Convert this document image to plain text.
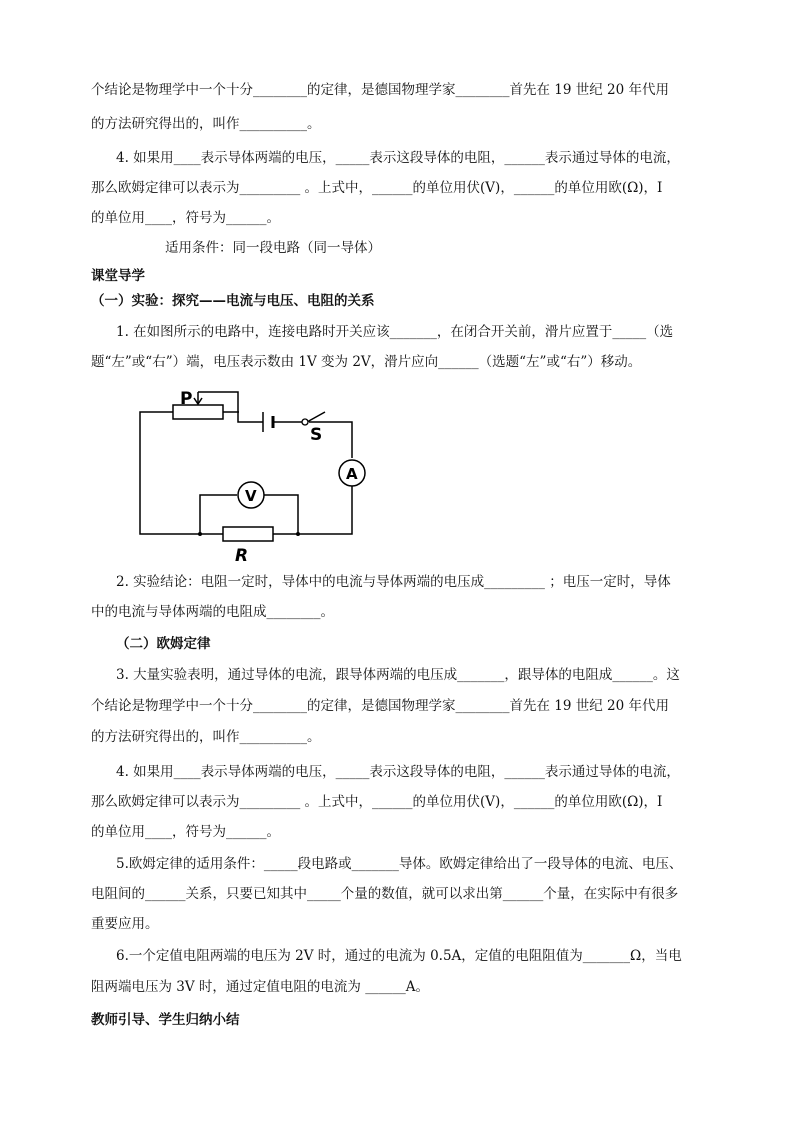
个结论是物理学中一个十分________的定律，是德国物理学家________首先在 19 世纪 20 年代用
的方法研究得出的，叫作__________。
4. 如果用____表示导体两端的电压，_____表示这段导体的电阻，______表示通过导体的电流，
那么欧姆定律可以表示为_________ 。上式中，______的单位用伏(V)，______的单位用欧(Ω)，I
的单位用____，符号为______。
适用条件：同一段电路（同一导体）
课堂导学
（一）实验：探究——电流与电压、电阻的关系
1. 在如图所示的电路中，连接电路时开关应该_______，在闭合开关前，滑片应置于_____（选
题“左”或“右”）端，电压表示数由 1V 变为 2V，滑片应向______（选题“左”或“右”）移动。
P
S
A
V
R
2. 实验结论：电阻一定时，导体中的电流与导体两端的电压成_________ ；电压一定时，导体
中的电流与导体两端的电阻成________。
（二）欧姆定律
3. 大量实验表明，通过导体的电流，跟导体两端的电压成_______，跟导体的电阻成______。这
个结论是物理学中一个十分________的定律，是德国物理学家________首先在 19 世纪 20 年代用
的方法研究得出的，叫作__________。
4. 如果用____表示导体两端的电压，_____表示这段导体的电阻，______表示通过导体的电流，
那么欧姆定律可以表示为_________ 。上式中，______的单位用伏(V)，______的单位用欧(Ω)，I
的单位用____，符号为______。
5.欧姆定律的适用条件：_____段电路或_______导体。欧姆定律给出了一段导体的电流、电压、
电阻间的______关系，只要已知其中_____个量的数值，就可以求出第______个量，在实际中有很多
重要应用。
6.一个定值电阻两端的电压为 2V 时，通过的电流为 0.5A，定值的电阻阻值为_______Ω，当电
阻两端电压为 3V 时，通过定值电阻的电流为 ______A。
教师引导、学生归纳小结
